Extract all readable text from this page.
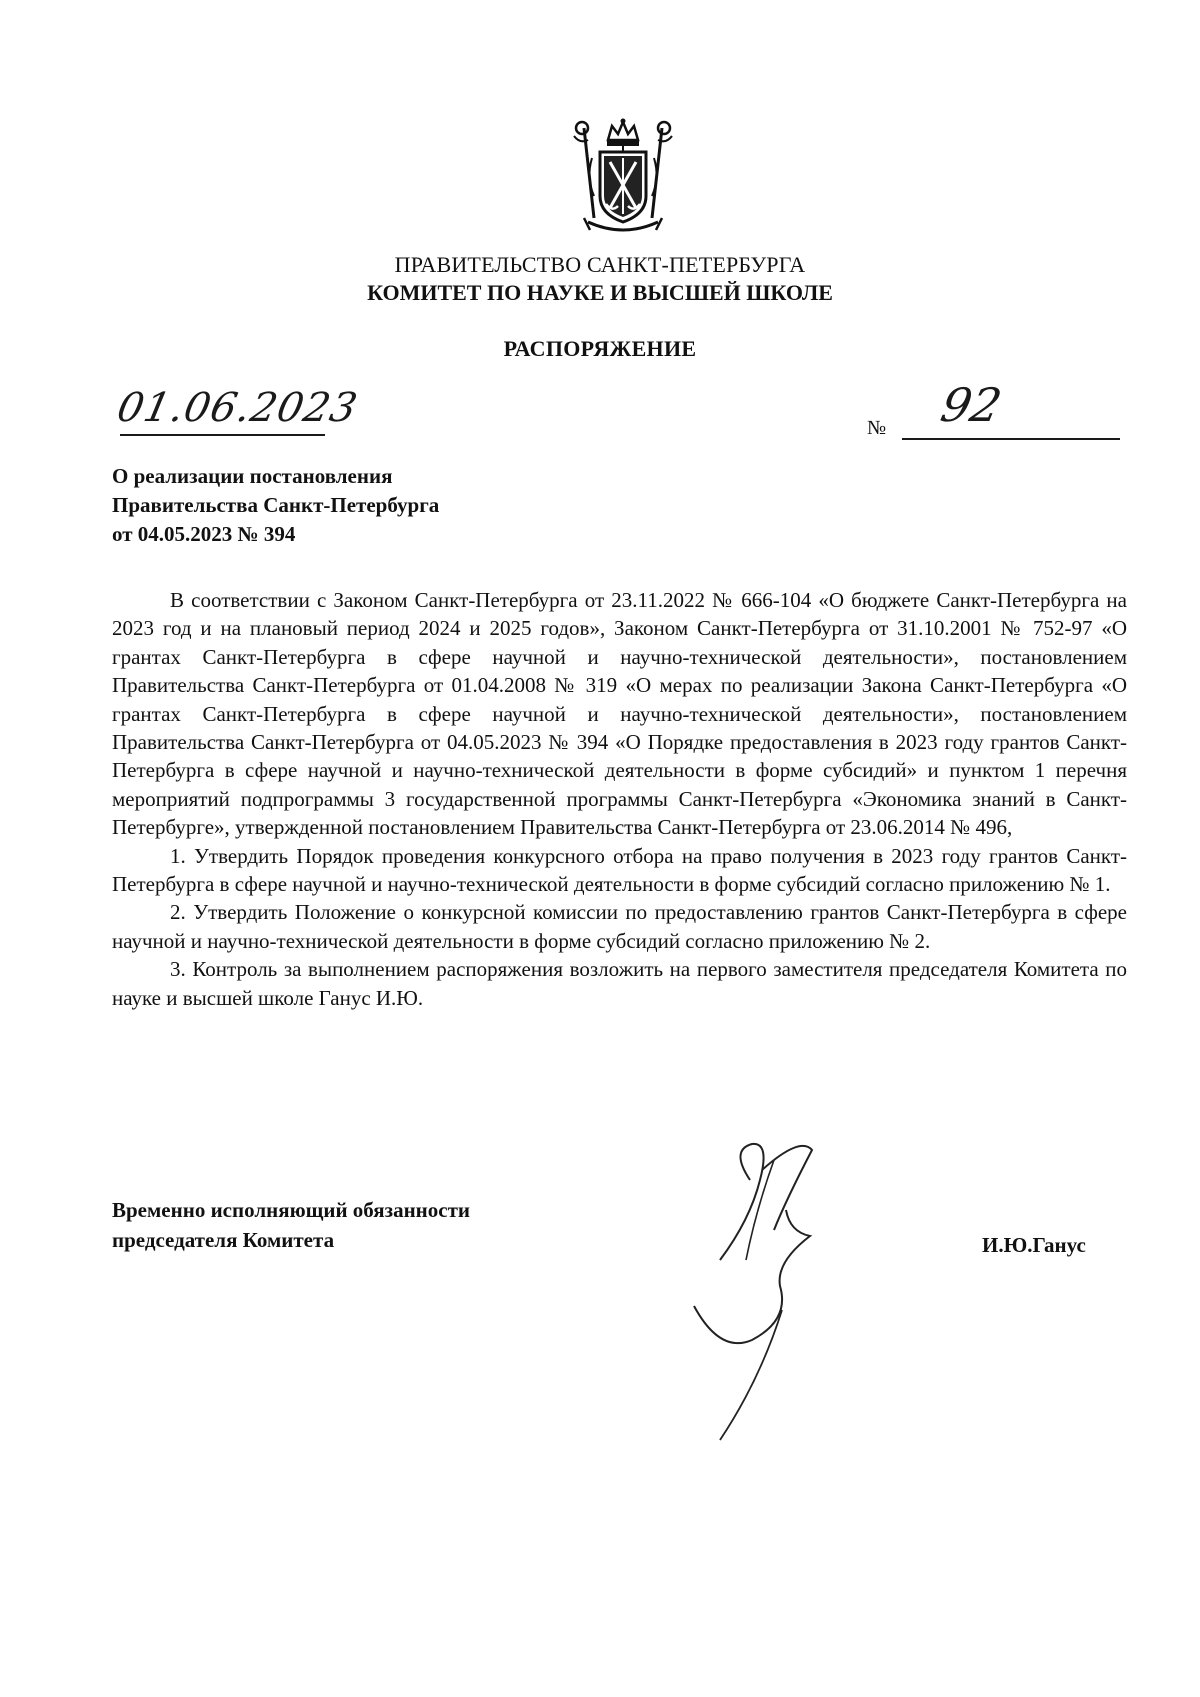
ПРАВИТЕЛЬСТВО САНКТ-ПЕТЕРБУРГА
КОМИТЕТ ПО НАУКЕ И ВЫСШЕЙ ШКОЛЕ
РАСПОРЯЖЕНИЕ
01.06.2023	№ 92
О реализации постановления
Правительства Санкт-Петербурга
от 04.05.2023 № 394

В соответствии с Законом Санкт-Петербурга от 23.11.2022 № 666-104 «О бюджете Санкт-Петербурга на 2023 год и на плановый период 2024 и 2025 годов», Законом Санкт-Петербурга от 31.10.2001 № 752-97 «О грантах Санкт-Петербурга в сфере научной и научно-технической деятельности», постановлением Правительства Санкт-Петербурга от 01.04.2008 № 319 «О мерах по реализации Закона Санкт-Петербурга «О грантах Санкт-Петербурга в сфере научной и научно-технической деятельности», постановлением Правительства Санкт-Петербурга от 04.05.2023 № 394 «О Порядке предоставления в 2023 году грантов Санкт-Петербурга в сфере научной и научно-технической деятельности в форме субсидий» и пунктом 1 перечня мероприятий подпрограммы 3 государственной программы Санкт-Петербурга «Экономика знаний в Санкт-Петербурге», утвержденной постановлением Правительства Санкт-Петербурга от 23.06.2014 № 496,

1. Утвердить Порядок проведения конкурсного отбора на право получения в 2023 году грантов Санкт-Петербурга в сфере научной и научно-технической деятельности в форме субсидий согласно приложению № 1.

2. Утвердить Положение о конкурсной комиссии по предоставлению грантов Санкт-Петербурга в сфере научной и научно-технической деятельности в форме субсидий согласно приложению № 2.

3. Контроль за выполнением распоряжения возложить на первого заместителя председателя Комитета по науке и высшей школе Ганус И.Ю.

Временно исполняющий обязанности
председателя Комитета	И.Ю.Ганус
